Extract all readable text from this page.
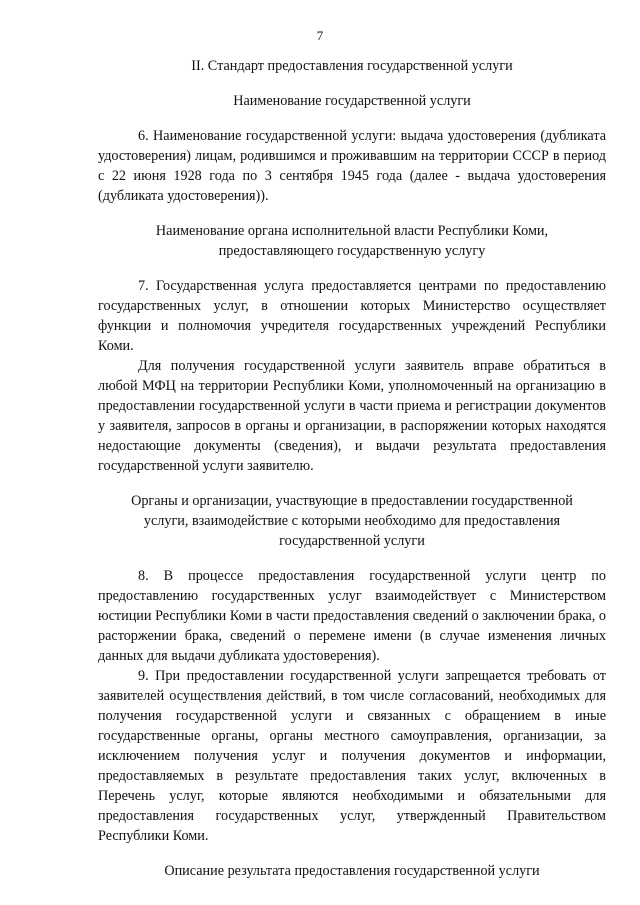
7

II. Стандарт предоставления государственной услуги

Наименование государственной услуги

6. Наименование государственной услуги: выдача удостоверения (дубликата удостоверения) лицам, родившимся и проживавшим на территории СССР в период с 22 июня 1928 года по 3 сентября 1945 года (далее - выдача удостоверения (дубликата удостоверения)).

Наименование органа исполнительной власти Республики Коми,
предоставляющего государственную услугу

7. Государственная услуга предоставляется центрами по предоставлению государственных услуг, в отношении которых Министерство осуществляет функции и полномочия учредителя государственных учреждений Республики Коми.

Для получения государственной услуги заявитель вправе обратиться в любой МФЦ на территории Республики Коми, уполномоченный на организацию в предоставлении государственной услуги в части приема и регистрации документов у заявителя, запросов в органы и организации, в распоряжении которых находятся недостающие документы (сведения), и выдачи результата предоставления государственной услуги заявителю.

Органы и организации, участвующие в предоставлении государственной
услуги, взаимодействие с которыми необходимо для предоставления
государственной услуги

8. В процессе предоставления государственной услуги центр по предоставлению государственных услуг взаимодействует с Министерством юстиции Республики Коми в части предоставления сведений о заключении брака, о расторжении брака, сведений о перемене имени (в случае изменения личных данных для выдачи дубликата удостоверения).

9. При предоставлении государственной услуги запрещается требовать от заявителей осуществления действий, в том числе согласований, необходимых для получения государственной услуги и связанных с обращением в иные государственные органы, органы местного самоуправления, организации, за исключением получения услуг и получения документов и информации, предоставляемых в результате предоставления таких услуг, включенных в Перечень услуг, которые являются необходимыми и обязательными для предоставления государственных услуг, утвержденный Правительством Республики Коми.

Описание результата предоставления государственной услуги
